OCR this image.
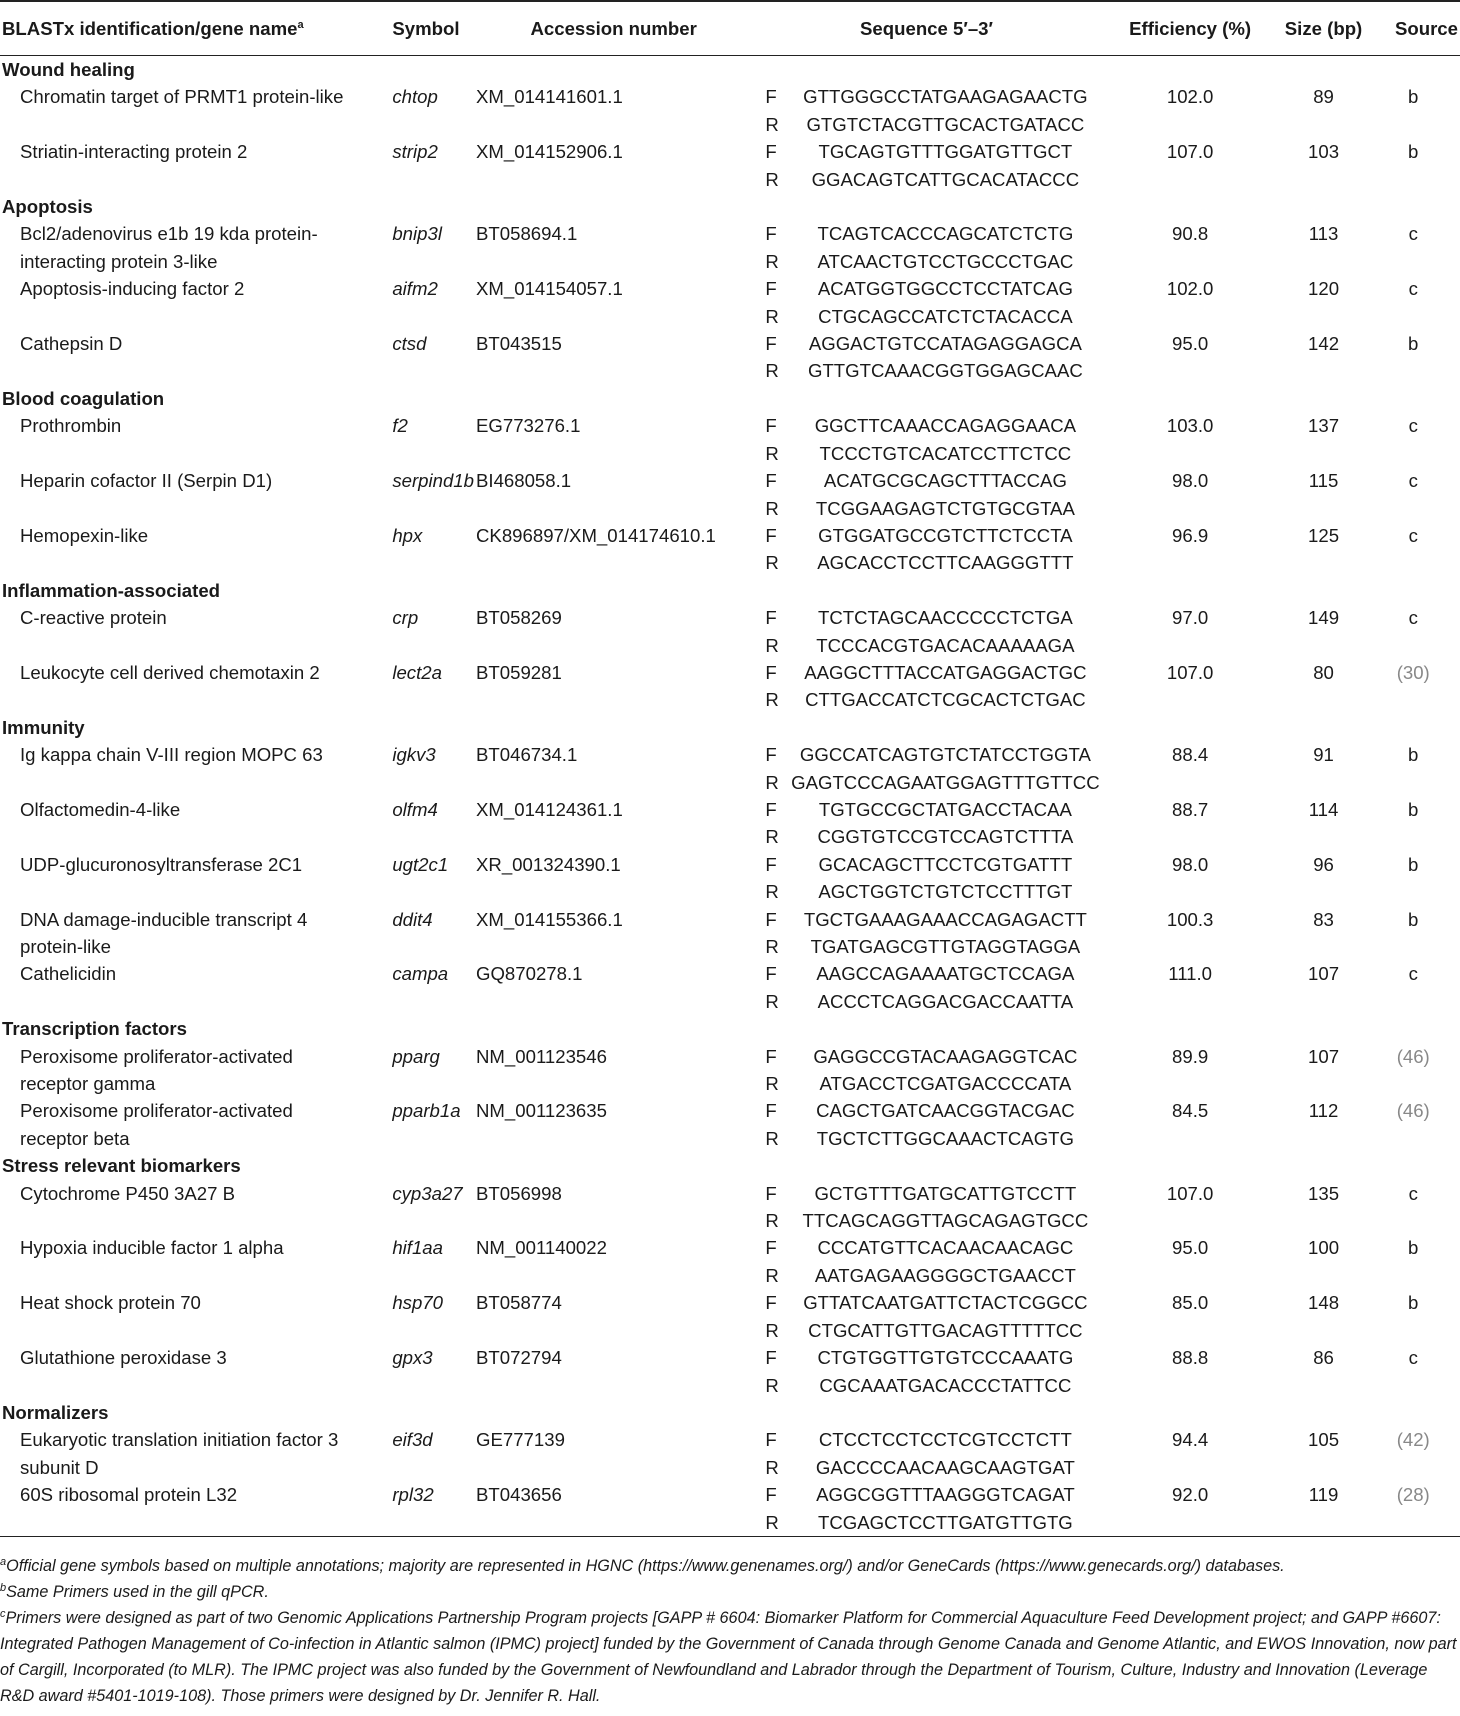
BLASTx identification/gene name$^a$	Symbol	Accession number	Sequence 5′–3′		Efficiency (%)	Size (bp)	Source
Wound healing							
Chromatin target of PRMT1 protein-like	chtop	XM_014141601.1	F	GTTGGGCCTATGAAGAGAACTG	102.0	89	b
			R	GTGTCTACGTTGCACTGATACC			
Striatin-interacting protein 2	strip2	XM_014152906.1	F	TGCAGTGTTTGGATGTTGCT	107.0	103	b
			R	GGACAGTCATTGCACATACCC			
Apoptosis							
Bcl2/adenovirus e1b 19 kda protein-	bnip3l	BT058694.1	F	TCAGTCACCCAGCATCTCTG	90.8	113	c
interacting protein 3-like			R	ATCAACTGTCCTGCCCTGAC			
Apoptosis-inducing factor 2	aifm2	XM_014154057.1	F	ACATGGTGGCCTCCTATCAG	102.0	120	c
			R	CTGCAGCCATCTCTACACCA			
Cathepsin D	ctsd	BT043515	F	AGGACTGTCCATAGAGGAGCA	95.0	142	b
			R	GTTGTCAAACGGTGGAGCAAC			
Blood coagulation							
Prothrombin	f2	EG773276.1	F	GGCTTCAAACCAGAGGAACA	103.0	137	c
			R	TCCCTGTCACATCCTTCTCC			
Heparin cofactor II (Serpin D1)	serpind1b	BI468058.1	F	ACATGCGCAGCTTTACCAG	98.0	115	c
			R	TCGGAAGAGTCTGTGCGTAA			
Hemopexin-like	hpx	CK896897/XM_014174610.1	F	GTGGATGCCGTCTTCTCCTA	96.9	125	c
			R	AGCACCTCCTTCAAGGGTTT			
Inflammation-associated							
C-reactive protein	crp	BT058269	F	TCTCTAGCAACCCCCTCTGA	97.0	149	c
			R	TCCCACGTGACACAAAAAGA			
Leukocyte cell derived chemotaxin 2	lect2a	BT059281	F	AAGGCTTTACCATGAGGACTGC	107.0	80	(30)
			R	CTTGACCATCTCGCACTCTGAC			
Immunity							
Ig kappa chain V-III region MOPC 63	igkv3	BT046734.1	F	GGCCATCAGTGTCTATCCTGGTA	88.4	91	b
			R	GAGTCCCAGAATGGAGTTTGTTCC			
Olfactomedin-4-like	olfm4	XM_014124361.1	F	TGTGCCGCTATGACCTACAA	88.7	114	b
			R	CGGTGTCCGTCCAGTCTTTA			
UDP-glucuronosyltransferase 2C1	ugt2c1	XR_001324390.1	F	GCACAGCTTCCTCGTGATTT	98.0	96	b
			R	AGCTGGTCTGTCTCCTTTGT			
DNA damage-inducible transcript 4	ddit4	XM_014155366.1	F	TGCTGAAAGAAACCAGAGACTT	100.3	83	b
protein-like			R	TGATGAGCGTTGTAGGTAGGA			
Cathelicidin	campa	GQ870278.1	F	AAGCCAGAAAATGCTCCAGA	111.0	107	c
			R	ACCCTCAGGACGACCAATTA			
Transcription factors							
Peroxisome proliferator-activated	pparg	NM_001123546	F	GAGGCCGTACAAGAGGTCAC	89.9	107	(46)
receptor gamma			R	ATGACCTCGATGACCCCATA			
Peroxisome proliferator-activated	pparb1a	NM_001123635	F	CAGCTGATCAACGGTACGAC	84.5	112	(46)
receptor beta			R	TGCTCTTGGCAAACTCAGTG			
Stress relevant biomarkers							
Cytochrome P450 3A27 B	cyp3a27	BT056998	F	GCTGTTTGATGCATTGTCCTT	107.0	135	c
			R	TTCAGCAGGTTAGCAGAGTGCC			
Hypoxia inducible factor 1 alpha	hif1aa	NM_001140022	F	CCCATGTTCACAACAACAGC	95.0	100	b
			R	AATGAGAAGGGGCTGAACCT			
Heat shock protein 70	hsp70	BT058774	F	GTTATCAATGATTCTACTCGGCC	85.0	148	b
			R	CTGCATTGTTGACAGTTTTTCC			
Glutathione peroxidase 3	gpx3	BT072794	F	CTGTGGTTGTGTCCCAAATG	88.8	86	c
			R	CGCAAATGACACCCTATTCC			
Normalizers							
Eukaryotic translation initiation factor 3	eif3d	GE777139	F	CTCCTCCTCCTCGTCCTCTT	94.4	105	(42)
subunit D			R	GACCCCAACAAGCAAGTGAT			
60S ribosomal protein L32	rpl32	BT043656	F	AGGCGGTTTAAGGGTCAGAT	92.0	119	(28)
			R	TCGAGCTCCTTGATGTTGTG			

$^a$Official gene symbols based on multiple annotations; majority are represented in HGNC (https://www.genenames.org/) and/or GeneCards (https://www.genecards.org/) databases.

$^b$Same Primers used in the gill qPCR.

$^c$Primers were designed as part of two Genomic Applications Partnership Program projects [GAPP # 6604: Biomarker Platform for Commercial Aquaculture Feed Development project; and GAPP #6607: Integrated Pathogen Management of Co-infection in Atlantic salmon (IPMC) project] funded by the Government of Canada through Genome Canada and Genome Atlantic, and EWOS Innovation, now part of Cargill, Incorporated (to MLR). The IPMC project was also funded by the Government of Newfoundland and Labrador through the Department of Tourism, Culture, Industry and Innovation (Leverage R&D award #5401-1019-108). Those primers were designed by Dr. Jennifer R. Hall.
